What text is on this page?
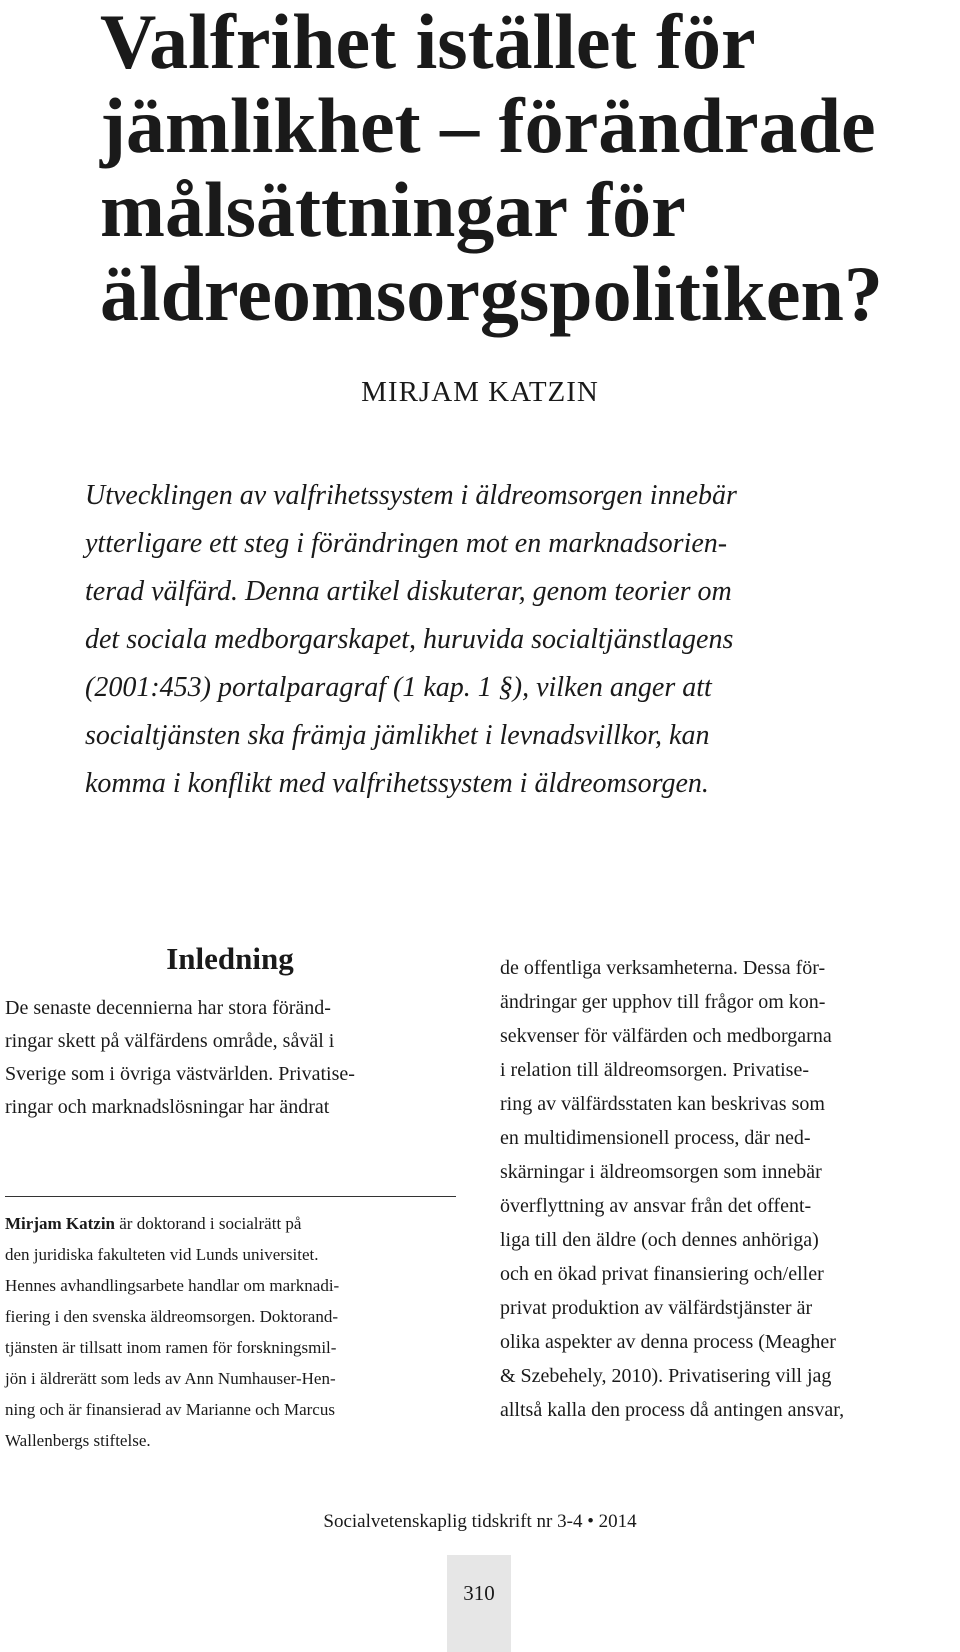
Valfrihet istället för
jämlikhet – förändrade
målsättningar för
äldreomsorgspolitiken?
MIRJAM KATZIN
Utvecklingen av valfrihetssystem i äldreomsorgen innebär
ytterligare ett steg i förändringen mot en marknadsorien-
terad välfärd. Denna artikel diskuterar, genom teorier om
det sociala medborgarskapet, huruvida socialtjänstlagens
(2001:453) portalparagraf (1 kap. 1 §), vilken anger att
socialtjänsten ska främja jämlikhet i levnadsvillkor, kan
komma i konflikt med valfrihetssystem i äldreomsorgen.
Inledning
De senaste decennierna har stora föränd-
ringar skett på välfärdens område, såväl i
Sverige som i övriga västvärlden. Privatise-
ringar och marknadslösningar har ändrat
Mirjam Katzin är doktorand i socialrätt på
den juridiska fakulteten vid Lunds universitet.
Hennes avhandlingsarbete handlar om marknadi-
fiering i den svenska äldreomsorgen. Doktorand-
tjänsten är tillsatt inom ramen för forskningsmil-
jön i äldrerätt som leds av Ann Numhauser-Hen-
ning och är finansierad av Marianne och Marcus
Wallenbergs stiftelse.
de offentliga verksamheterna. Dessa för-
ändringar ger upphov till frågor om kon-
sekvenser för välfärden och medborgarna
i relation till äldreomsorgen. Privatise-
ring av välfärdsstaten kan beskrivas som
en multidimensionell process, där ned-
skärningar i äldreomsorgen som innebär
överflyttning av ansvar från det offent-
liga till den äldre (och dennes anhöriga)
och en ökad privat finansiering och/eller
privat produktion av välfärdstjänster är
olika aspekter av denna process (Meagher
& Szebehely, 2010). Privatisering vill jag
alltså kalla den process då antingen ansvar,
Socialvetenskaplig tidskrift nr 3-4 • 2014
310
